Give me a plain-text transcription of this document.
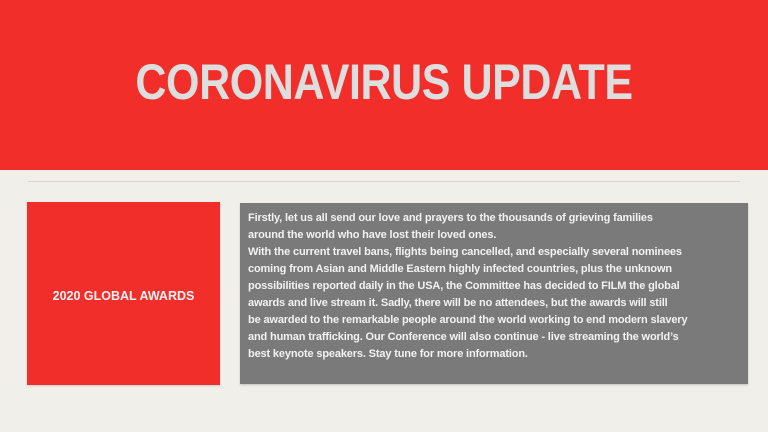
CORONAVIRUS UPDATE
2020 GLOBAL AWARDS
Firstly, let us all send our love and prayers to the thousands of grieving families
around the world who have lost their loved ones.
With the current travel bans, flights being cancelled, and especially several nominees
coming from Asian and Middle Eastern highly infected countries, plus the unknown
possibilities reported daily in the USA, the Committee has decided to FILM the global
awards and live stream it. Sadly, there will be no attendees, but the awards will still
be awarded to the remarkable people around the world working to end modern slavery
and human trafficking. Our Conference will also continue - live streaming the world’s
best keynote speakers. Stay tune for more information.
